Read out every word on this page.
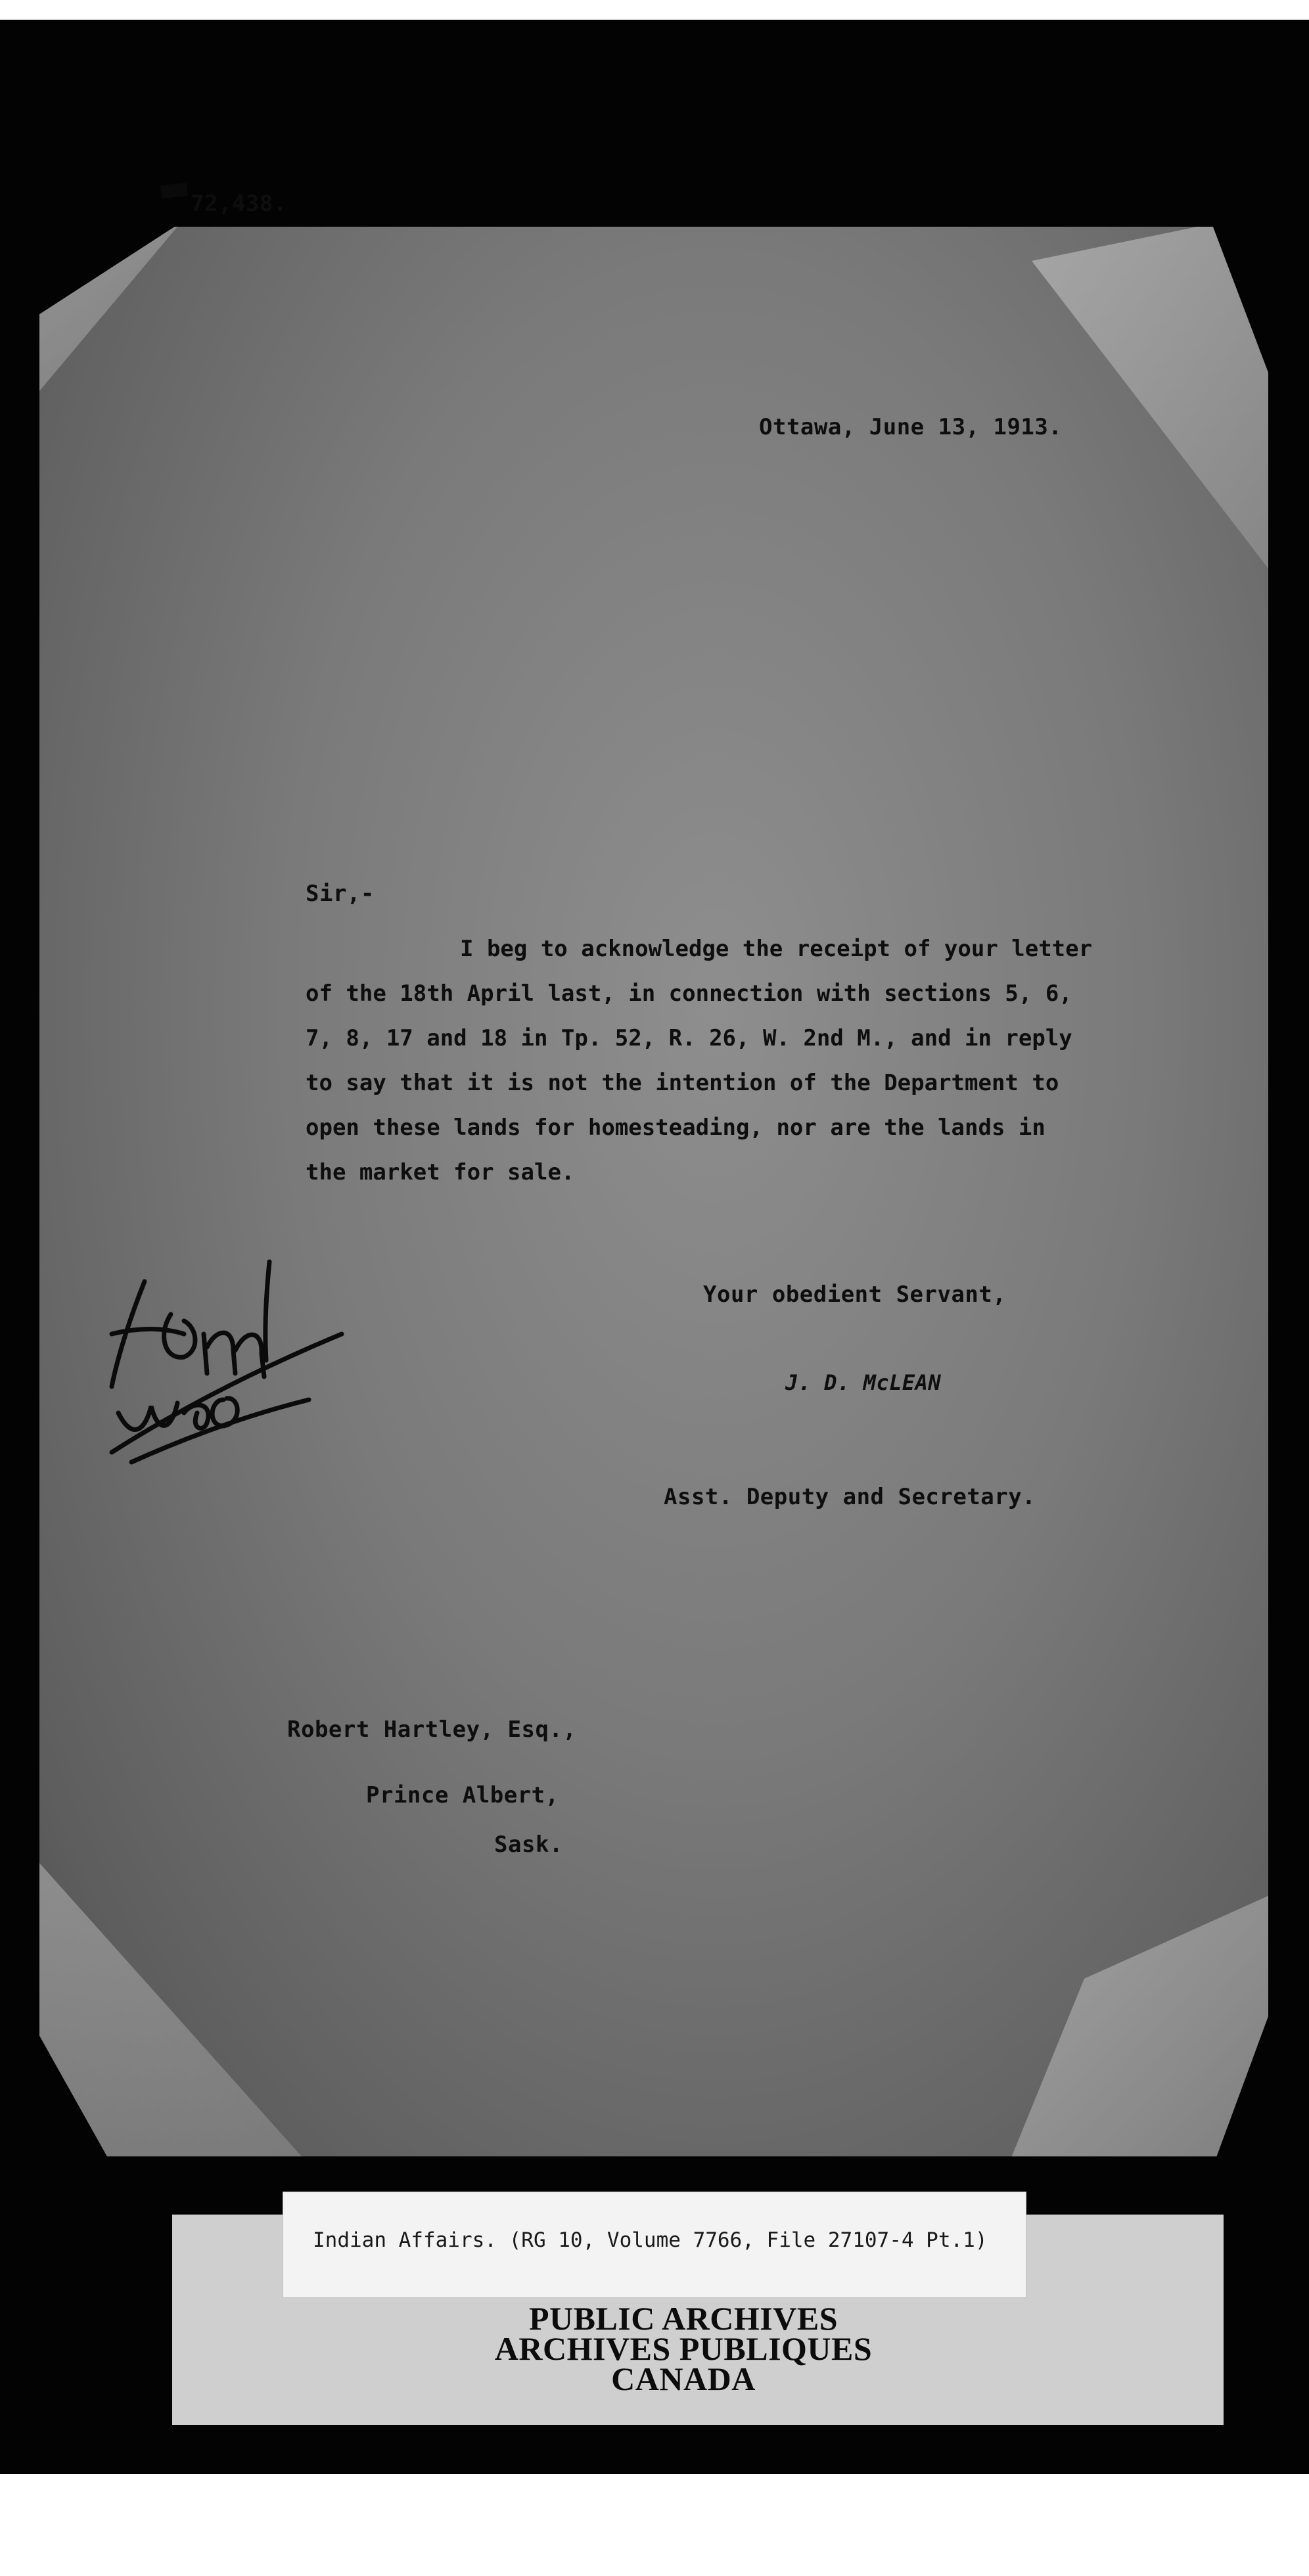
72,438.
Ottawa, June 13, 1913.
Sir,-
I beg to acknowledge the receipt of your letter
of the 18th April last, in connection with sections 5, 6,
7, 8, 17 and 18 in Tp. 52, R. 26, W. 2nd M., and in reply
to say that it is not the intention of the Department to
open these lands for homesteading, nor are the lands in
the market for sale.
Your obedient Servant,
J. D. McLEAN
Asst. Deputy and Secretary.
Robert Hartley, Esq.,
Prince Albert,
Sask.
Indian Affairs. (RG 10, Volume 7766, File 27107-4 Pt.1)
PUBLIC ARCHIVES
ARCHIVES PUBLIQUES
CANADA
